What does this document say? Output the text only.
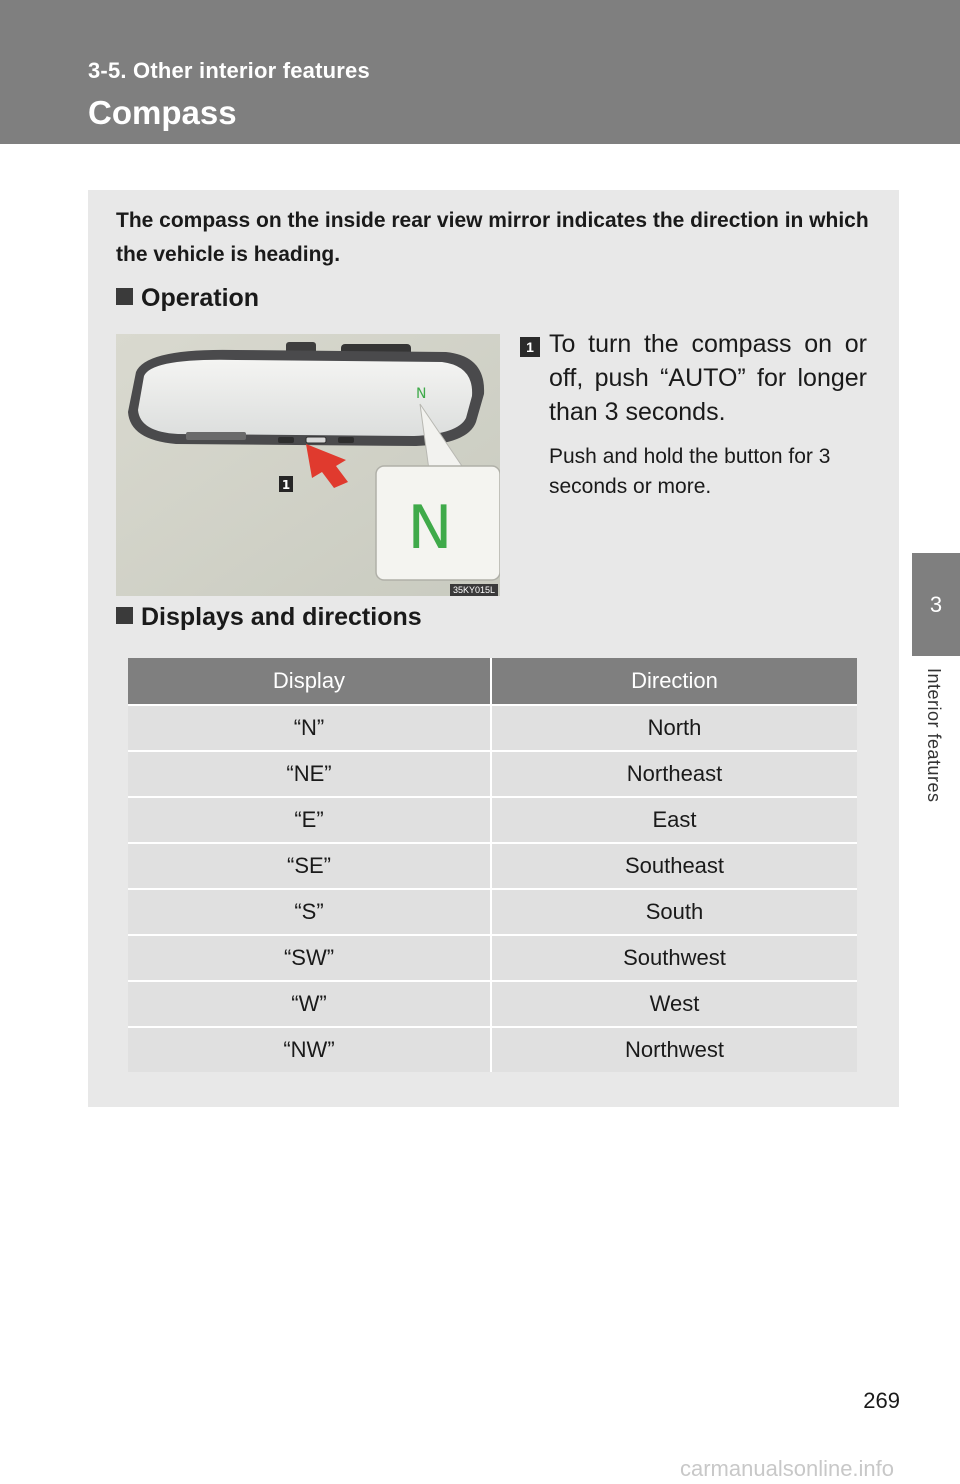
3-5. Other interior features
Compass
3
Interior features
The compass on the inside rear view mirror indicates the direction in which the vehicle is heading.
Operation
N
1
N
35KY015L
1 To turn the compass on or off, push “AUTO” for longer than 3 seconds.
Push and hold the button for 3 seconds or more.
Displays and directions
Display	Direction
“N”	North
“NE”	Northeast
“E”	East
“SE”	Southeast
“S”	South
“SW”	Southwest
“W”	West
“NW”	Northwest
269
carmanualsonline.info
